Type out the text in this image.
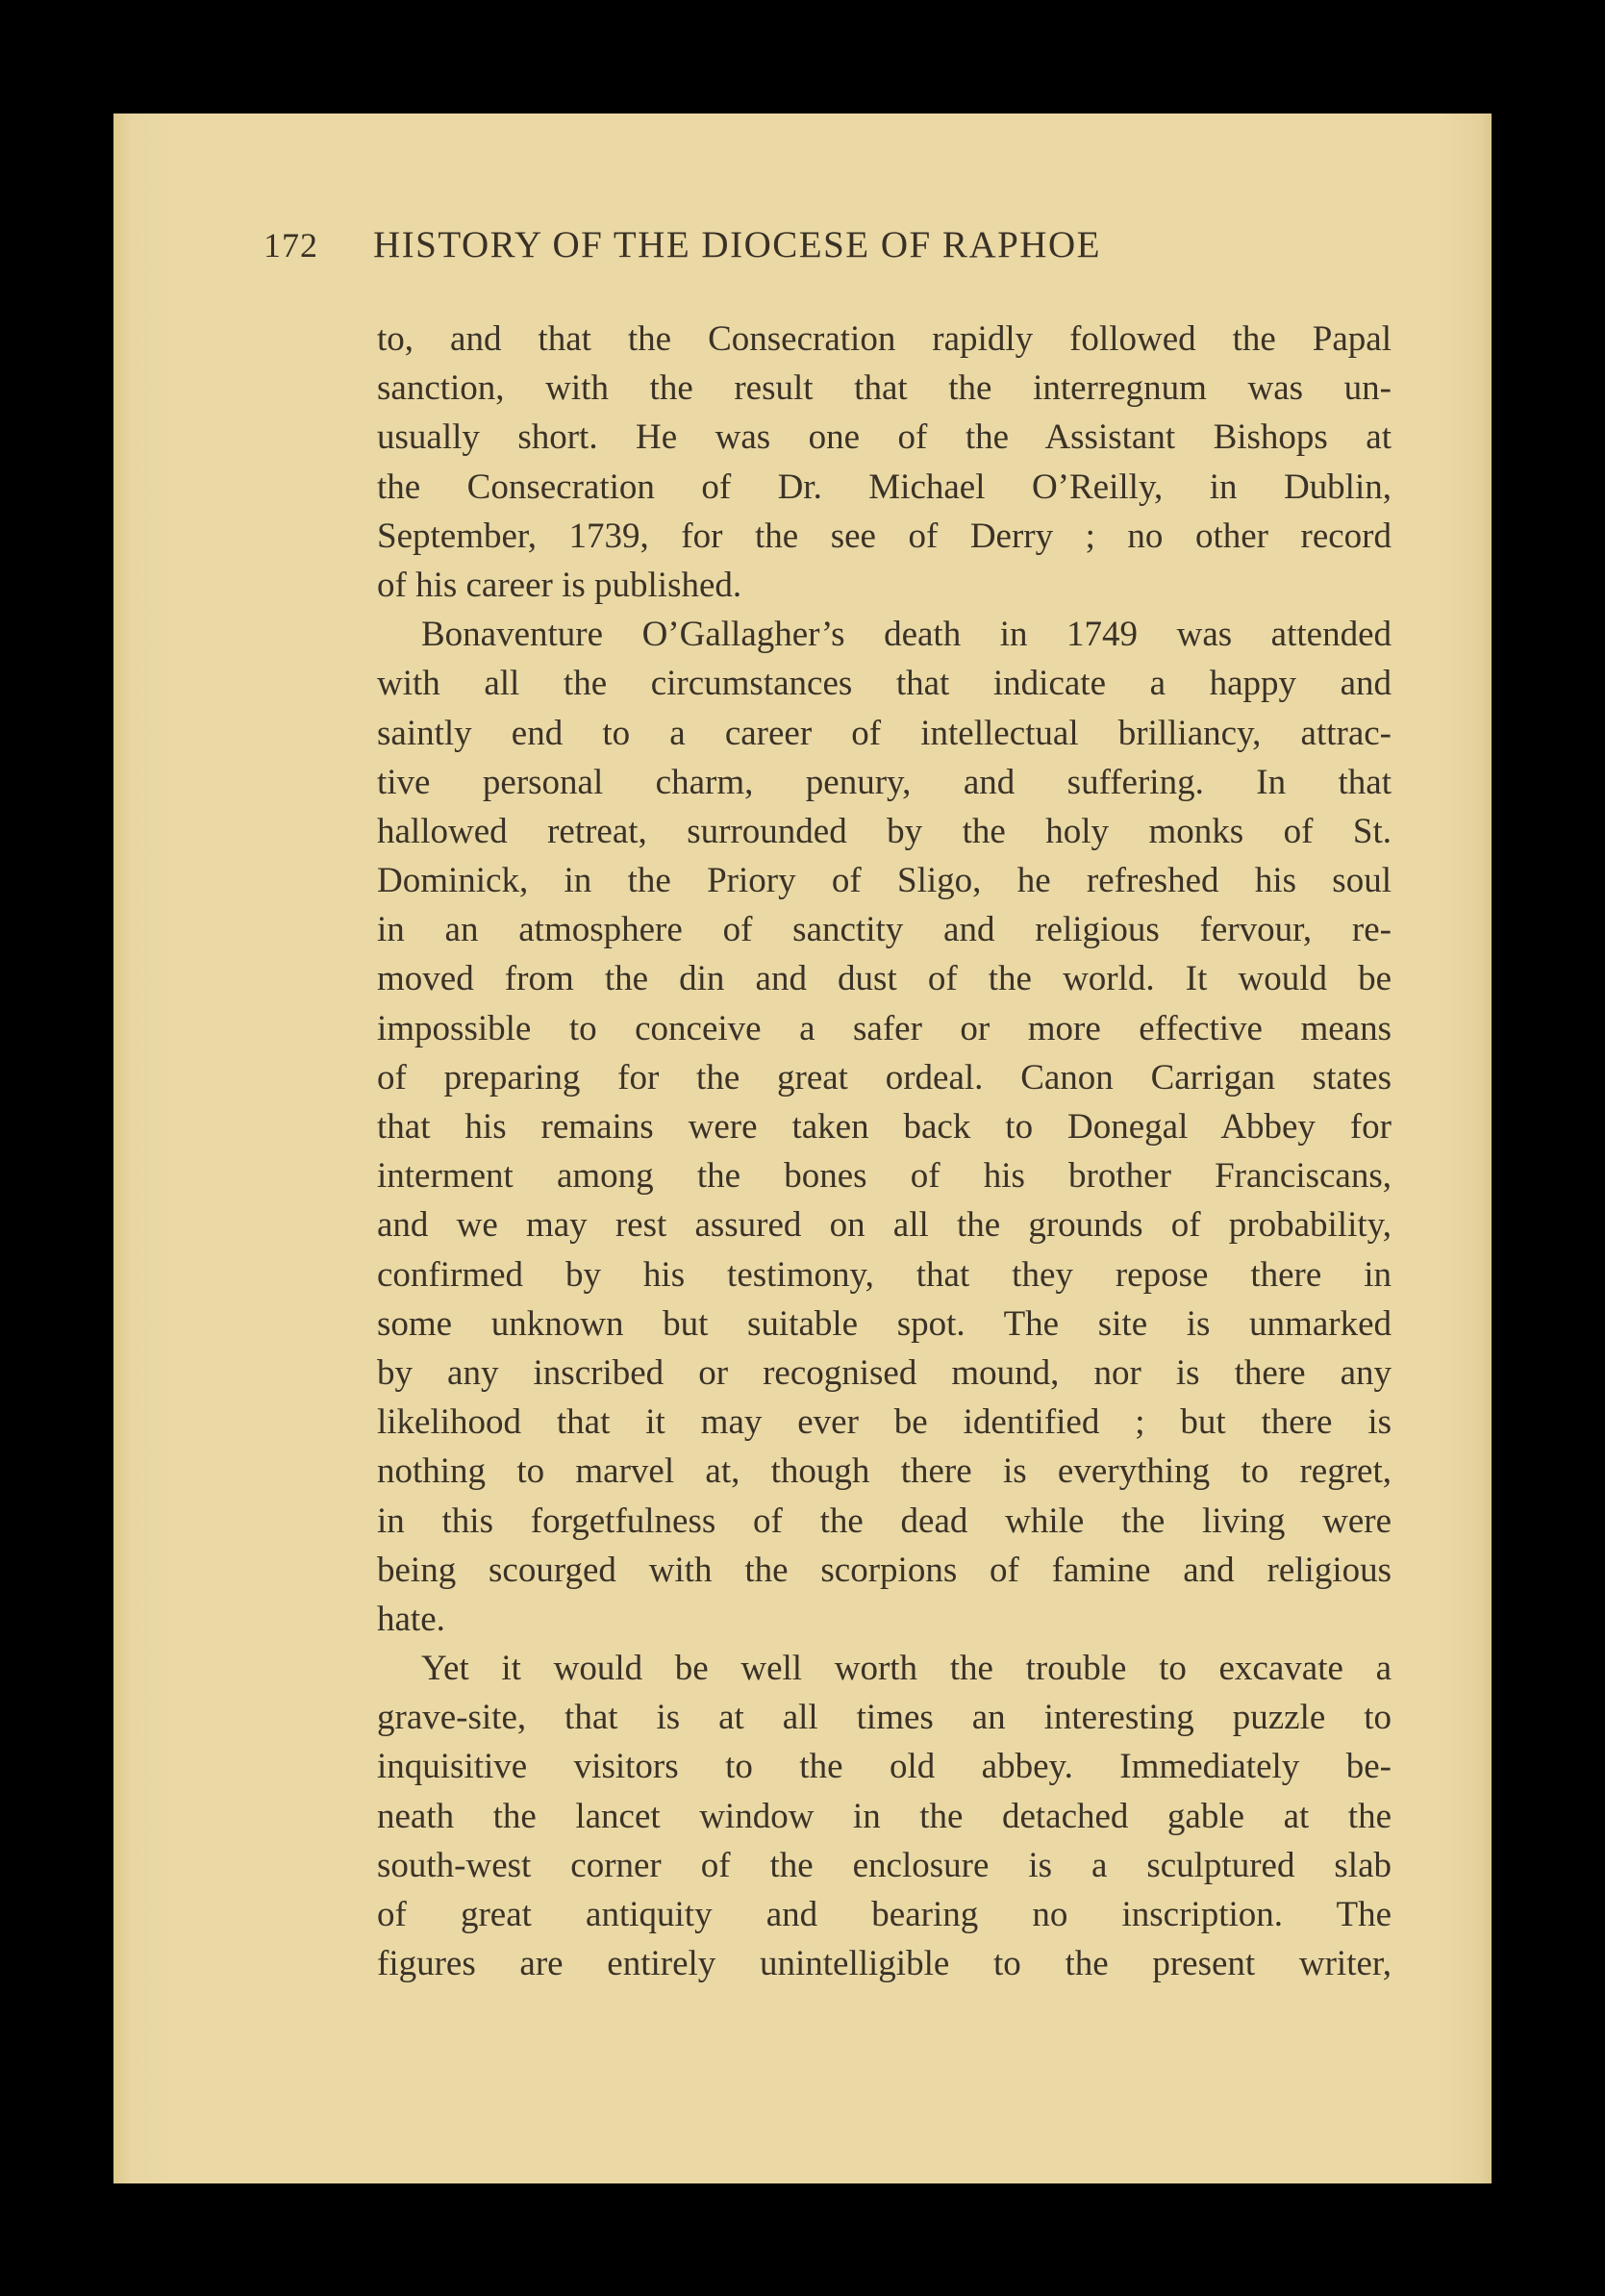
172 HISTORY OF THE DIOCESE OF RAPHOE
to, and that the Consecration rapidly followed the Papal
sanction, with the result that the interregnum was un-
usually short. He was one of the Assistant Bishops at
the Consecration of Dr. Michael O’Reilly, in Dublin,
September, 1739, for the see of Derry ; no other record
of his career is published.
Bonaventure O’Gallagher’s death in 1749 was attended
with all the circumstances that indicate a happy and
saintly end to a career of intellectual brilliancy, attrac-
tive personal charm, penury, and suffering. In that
hallowed retreat, surrounded by the holy monks of St.
Dominick, in the Priory of Sligo, he refreshed his soul
in an atmosphere of sanctity and religious fervour, re-
moved from the din and dust of the world. It would be
impossible to conceive a safer or more effective means
of preparing for the great ordeal. Canon Carrigan states
that his remains were taken back to Donegal Abbey for
interment among the bones of his brother Franciscans,
and we may rest assured on all the grounds of probability,
confirmed by his testimony, that they repose there in
some unknown but suitable spot. The site is unmarked
by any inscribed or recognised mound, nor is there any
likelihood that it may ever be identified ; but there is
nothing to marvel at, though there is everything to regret,
in this forgetfulness of the dead while the living were
being scourged with the scorpions of famine and religious
hate.
Yet it would be well worth the trouble to excavate a
grave-site, that is at all times an interesting puzzle to
inquisitive visitors to the old abbey. Immediately be-
neath the lancet window in the detached gable at the
south-west corner of the enclosure is a sculptured slab
of great antiquity and bearing no inscription. The
figures are entirely unintelligible to the present writer,
